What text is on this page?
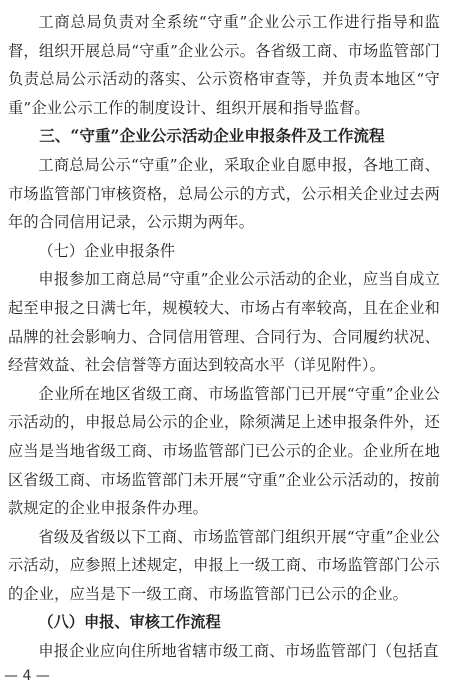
工商总局负责对全系统“守重”企业公示工作进行指导和监督，组织开展总局“守重”企业公示。各省级工商、市场监管部门负责总局公示活动的落实、公示资格审查等，并负责本地区“守重”企业公示工作的制度设计、组织开展和指导监督。

三、“守重”企业公示活动企业申报条件及工作流程

工商总局公示“守重”企业，采取企业自愿申报，各地工商、市场监管部门审核资格，总局公示的方式，公示相关企业过去两年的合同信用记录，公示期为两年。

（七）企业申报条件

申报参加工商总局“守重”企业公示活动的企业，应当自成立起至申报之日满七年，规模较大、市场占有率较高，且在企业和品牌的社会影响力、合同信用管理、合同行为、合同履约状况、经营效益、社会信誉等方面达到较高水平（详见附件）。

企业所在地区省级工商、市场监管部门已开展“守重”企业公示活动的，申报总局公示的企业，除须满足上述申报条件外，还应当是当地省级工商、市场监管部门已公示的企业。企业所在地区省级工商、市场监管部门未开展“守重”企业公示活动的，按前款规定的企业申报条件办理。

省级及省级以下工商、市场监管部门组织开展“守重”企业公示活动，应参照上述规定，申报上一级工商、市场监管部门公示的企业，应当是下一级工商、市场监管部门已公示的企业。

（八）申报、审核工作流程

申报企业应向住所地省辖市级工商、市场监管部门（包括直

— 4 —
